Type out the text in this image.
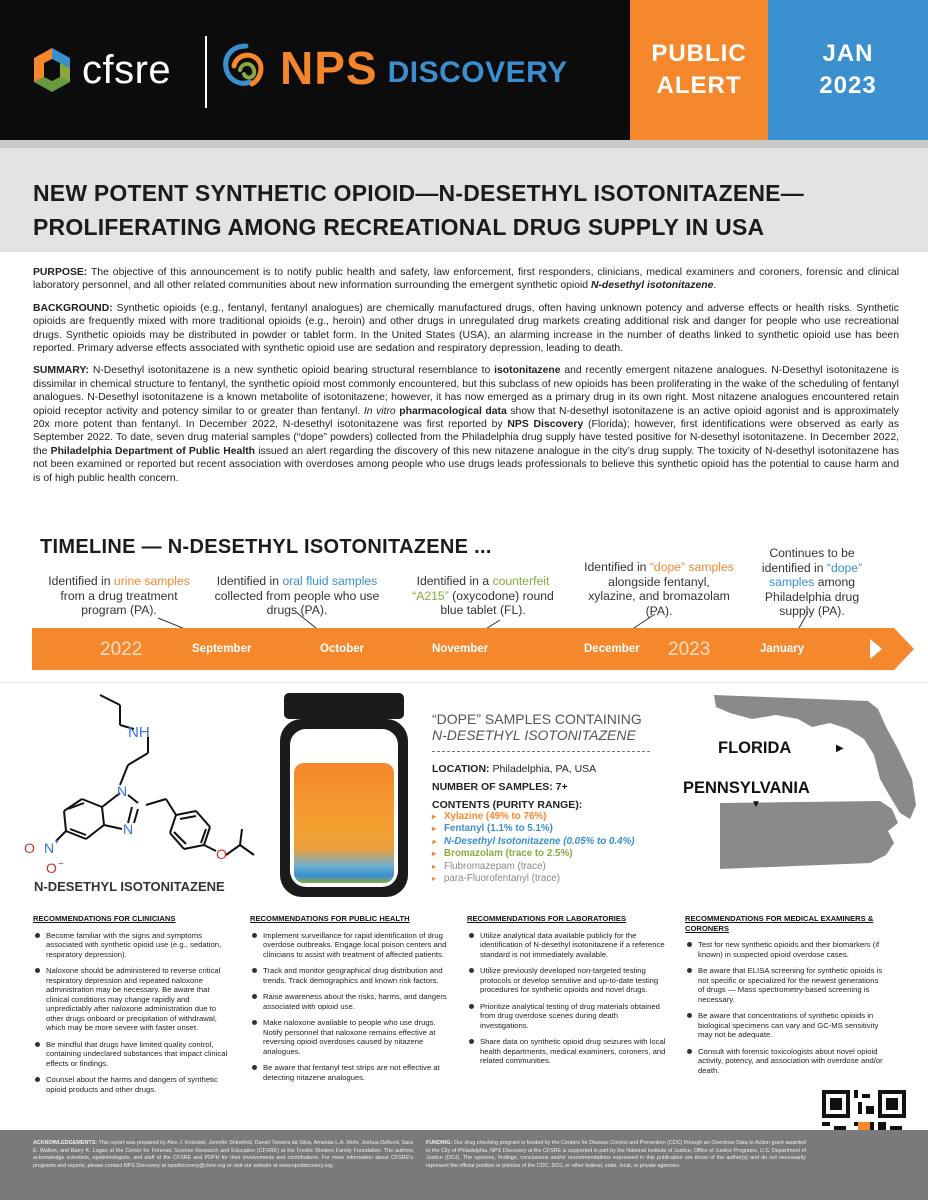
cfsre NPS DISCOVERY
PUBLIC
ALERT
JAN
2023
NEW POTENT SYNTHETIC OPIOID—N-DESETHYL ISOTONITAZENE—
PROLIFERATING AMONG RECREATIONAL DRUG SUPPLY IN USA

PURPOSE: The objective of this announcement is to notify public health and safety, law enforcement, first responders, clinicians, medical examiners and coroners, forensic and clinical laboratory personnel, and all other related communities about new information surrounding the emergent synthetic opioid N-desethyl isotonitazene.

BACKGROUND: Synthetic opioids (e.g., fentanyl, fentanyl analogues) are chemically manufactured drugs, often having unknown potency and adverse effects or health risks. Synthetic opioids are frequently mixed with more traditional opioids (e.g., heroin) and other drugs in unregulated drug markets creating additional risk and danger for people who use recreational drugs. Synthetic opioids may be distributed in powder or tablet form. In the United States (USA), an alarming increase in the number of deaths linked to synthetic opioid use has been reported. Primary adverse effects associated with synthetic opioid use are sedation and respiratory depression, leading to death.

SUMMARY: N-Desethyl isotonitazene is a new synthetic opioid bearing structural resemblance to isotonitazene and recently emergent nitazene analogues. N-Desethyl isotonitazene is dissimilar in chemical structure to fentanyl, the synthetic opioid most commonly encountered, but this subclass of new opioids has been proliferating in the wake of the scheduling of fentanyl analogues. N-Desethyl isotonitazene is a known metabolite of isotonitazene; however, it has now emerged as a primary drug in its own right. Most nitazene analogues encountered retain opioid receptor activity and potency similar to or greater than fentanyl. In vitro pharmacological data show that N-desethyl isotonitazene is an active opioid agonist and is approximately 20x more potent than fentanyl. In December 2022, N-desethyl isotonitazene was first reported by NPS Discovery (Florida); however, first identifications were observed as early as September 2022. To date, seven drug material samples (“dope” powders) collected from the Philadelphia drug supply have tested positive for N-desethyl isotonitazene. In December 2022, the Philadelphia Department of Public Health issued an alert regarding the discovery of this new nitazene analogue in the city’s drug supply. The toxicity of N-desethyl isotonitazene has not been examined or reported but recent association with overdoses among people who use drugs leads professionals to believe this synthetic opioid has the potential to cause harm and is of high public health concern.

TIMELINE — N-DESETHYL ISOTONITAZENE ...
Identified in urine samples from a drug treatment program (PA).
Identified in oral fluid samples collected from people who use drugs (PA).
Identified in a counterfeit “A215” (oxycodone) round blue tablet (FL).
Identified in “dope” samples alongside fentanyl, xylazine, and bromazolam (PA).
Continues to be identified in “dope” samples among Philadelphia drug supply (PA).
2022	2023
September	October	November	December	January
NH
N
N
N +
O
O −
O
N-DESETHYL ISOTONITAZENE
“DOPE” SAMPLES CONTAINING
N-DESETHYL ISOTONITAZENE
LOCATION: Philadelphia, PA, USA
NUMBER OF SAMPLES: 7+
CONTENTS (PURITY RANGE):
▸ Xylazine (49% to 76%)
▸ Fentanyl (1.1% to 5.1%)
▸ N-Desethyl Isotonitazene (0.05% to 0.4%)
▸ Bromazolam (trace to 2.5%)
▸ Flubromazepam (trace)
▸ para-Fluorofentanyl (trace)
FLORIDA	▶
PENNSYLVANIA
▼
RECOMMENDATIONS FOR CLINICIANS
Become familiar with the signs and symptoms associated with synthetic opioid use (e.g., sedation, respiratory depression).
Naloxone should be administered to reverse critical respiratory depression and repeated naloxone administration may be necessary. Be aware that clinical conditions may change rapidly and unpredictably after naloxone administration due to other drugs onboard or precipitation of withdrawal, which may be more severe with faster onset.
Be mindful that drugs have limited quality control, containing undeclared substances that impact clinical effects or findings.
Counsel about the harms and dangers of synthetic opioid products and other drugs.
RECOMMENDATIONS FOR PUBLIC HEALTH
Implement surveillance for rapid identification of drug overdose outbreaks. Engage local poison centers and clinicians to assist with treatment of affected patients.
Track and monitor geographical drug distribution and trends. Track demographics and known risk factors.
Raise awareness about the risks, harms, and dangers associated with opioid use.
Make naloxone available to people who use drugs. Notify personnel that naloxone remains effective at reversing opioid overdoses caused by nitazene analogues.
Be aware that fentanyl test strips are not effective at detecting nitazene analogues.
RECOMMENDATIONS FOR LABORATORIES
Utilize analytical data available publicly for the identification of N-desethyl isotonitazene if a reference standard is not immediately available.
Utilize previously developed non-targeted testing protocols or develop sensitive and up-to-date testing procedures for synthetic opioids and novel drugs.
Prioritize analytical testing of drug materials obtained from drug overdose scenes during death investigations.
Share data on synthetic opioid drug seizures with local health departments, medical examiners, coroners, and related communities.
RECOMMENDATIONS FOR MEDICAL EXAMINERS & CORONERS
Test for new synthetic opioids and their biomarkers (if known) in suspected opioid overdose cases.
Be aware that ELISA screening for synthetic opioids is not specific or specialized for the newest generations of drugs — Mass spectrometry-based screening is necessary.
Be aware that concentrations of synthetic opioids in biological specimens can vary and GC-MS sensitivity may not be adequate.
Consult with forensic toxicologists about novel opioid activity, potency, and association with overdose and/or death.
ACKNOWLEDGEMENTS: This report was prepared by Alex J. Krotulski, Jennifer Shinefeld, Daniel Teixeira da Silva, Amanda L.A. Mohr, Joshua DeBord, Sara E. Walton, and Barry K. Logan at the Center for Forensic Science Research and Education (CFSRE) at the Fredric Rieders Family Foundation. The authors acknowledge scientists, epidemiologists, and staff at the CFSRE and PDPH for their involvements and contributions. For more information about CFSRE’s programs and reports, please contact NPS Discovery at npsdiscovery@cfsre.org or visit our website at www.npsdiscovery.org.
FUNDING: Our drug checking program is funded by the Centers for Disease Control and Prevention (CDC) through an Overdose Data to Action grant awarded to the City of Philadelphia. NPS Discovery at the CFSRE is supported in part by the National Institute of Justice, Office of Justice Programs, U.S. Department of Justice (DOJ). The opinions, findings, conclusions and/or recommendations expressed in this publication are those of the author(s) and do not necessarily represent the official position or policies of the CDC, DOJ, or other federal, state, local, or private agencies.
